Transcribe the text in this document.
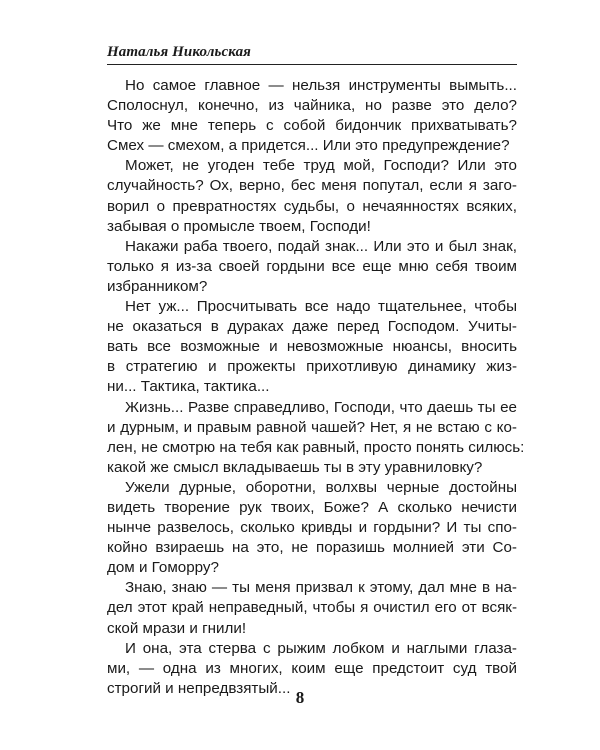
Наталья Никольская
Но самое главное — нельзя инструменты вымыть...
Сполоснул, конечно, из чайника, но разве это дело?
Что же мне теперь с собой бидончик прихватывать?
Смех — смехом, а придется... Или это предупреждение?
Может, не угоден тебе труд мой, Господи? Или это
случайность? Ох, верно, бес меня попутал, если я заго-
ворил о превратностях судьбы, о нечаянностях всяких,
забывая о промысле твоем, Господи!
Накажи раба твоего, подай знак... Или это и был знак,
только я из-за своей гордыни все еще мню себя твоим
избранником?
Нет уж... Просчитывать все надо тщательнее, чтобы
не оказаться в дураках даже перед Господом. Учиты-
вать все возможные и невозможные нюансы, вносить
в стратегию и прожекты прихотливую динамику жиз-
ни... Тактика, тактика...
Жизнь... Разве справедливо, Господи, что даешь ты ее
и дурным, и правым равной чашей? Нет, я не встаю с ко-
лен, не смотрю на тебя как равный, просто понять силюсь:
какой же смысл вкладываешь ты в эту уравниловку?
Ужели дурные, оборотни, волхвы черные достойны
видеть творение рук твоих, Боже? А сколько нечисти
нынче развелось, сколько кривды и гордыни? И ты спо-
койно взираешь на это, не поразишь молнией эти Со-
дом и Гоморру?
Знаю, знаю — ты меня призвал к этому, дал мне в на-
дел этот край неправедный, чтобы я очистил его от всяк-
ской мрази и гнили!
И она, эта стерва с рыжим лобком и наглыми глаза-
ми, — одна из многих, коим еще предстоит суд твой
строгий и непредвзятый... 8
